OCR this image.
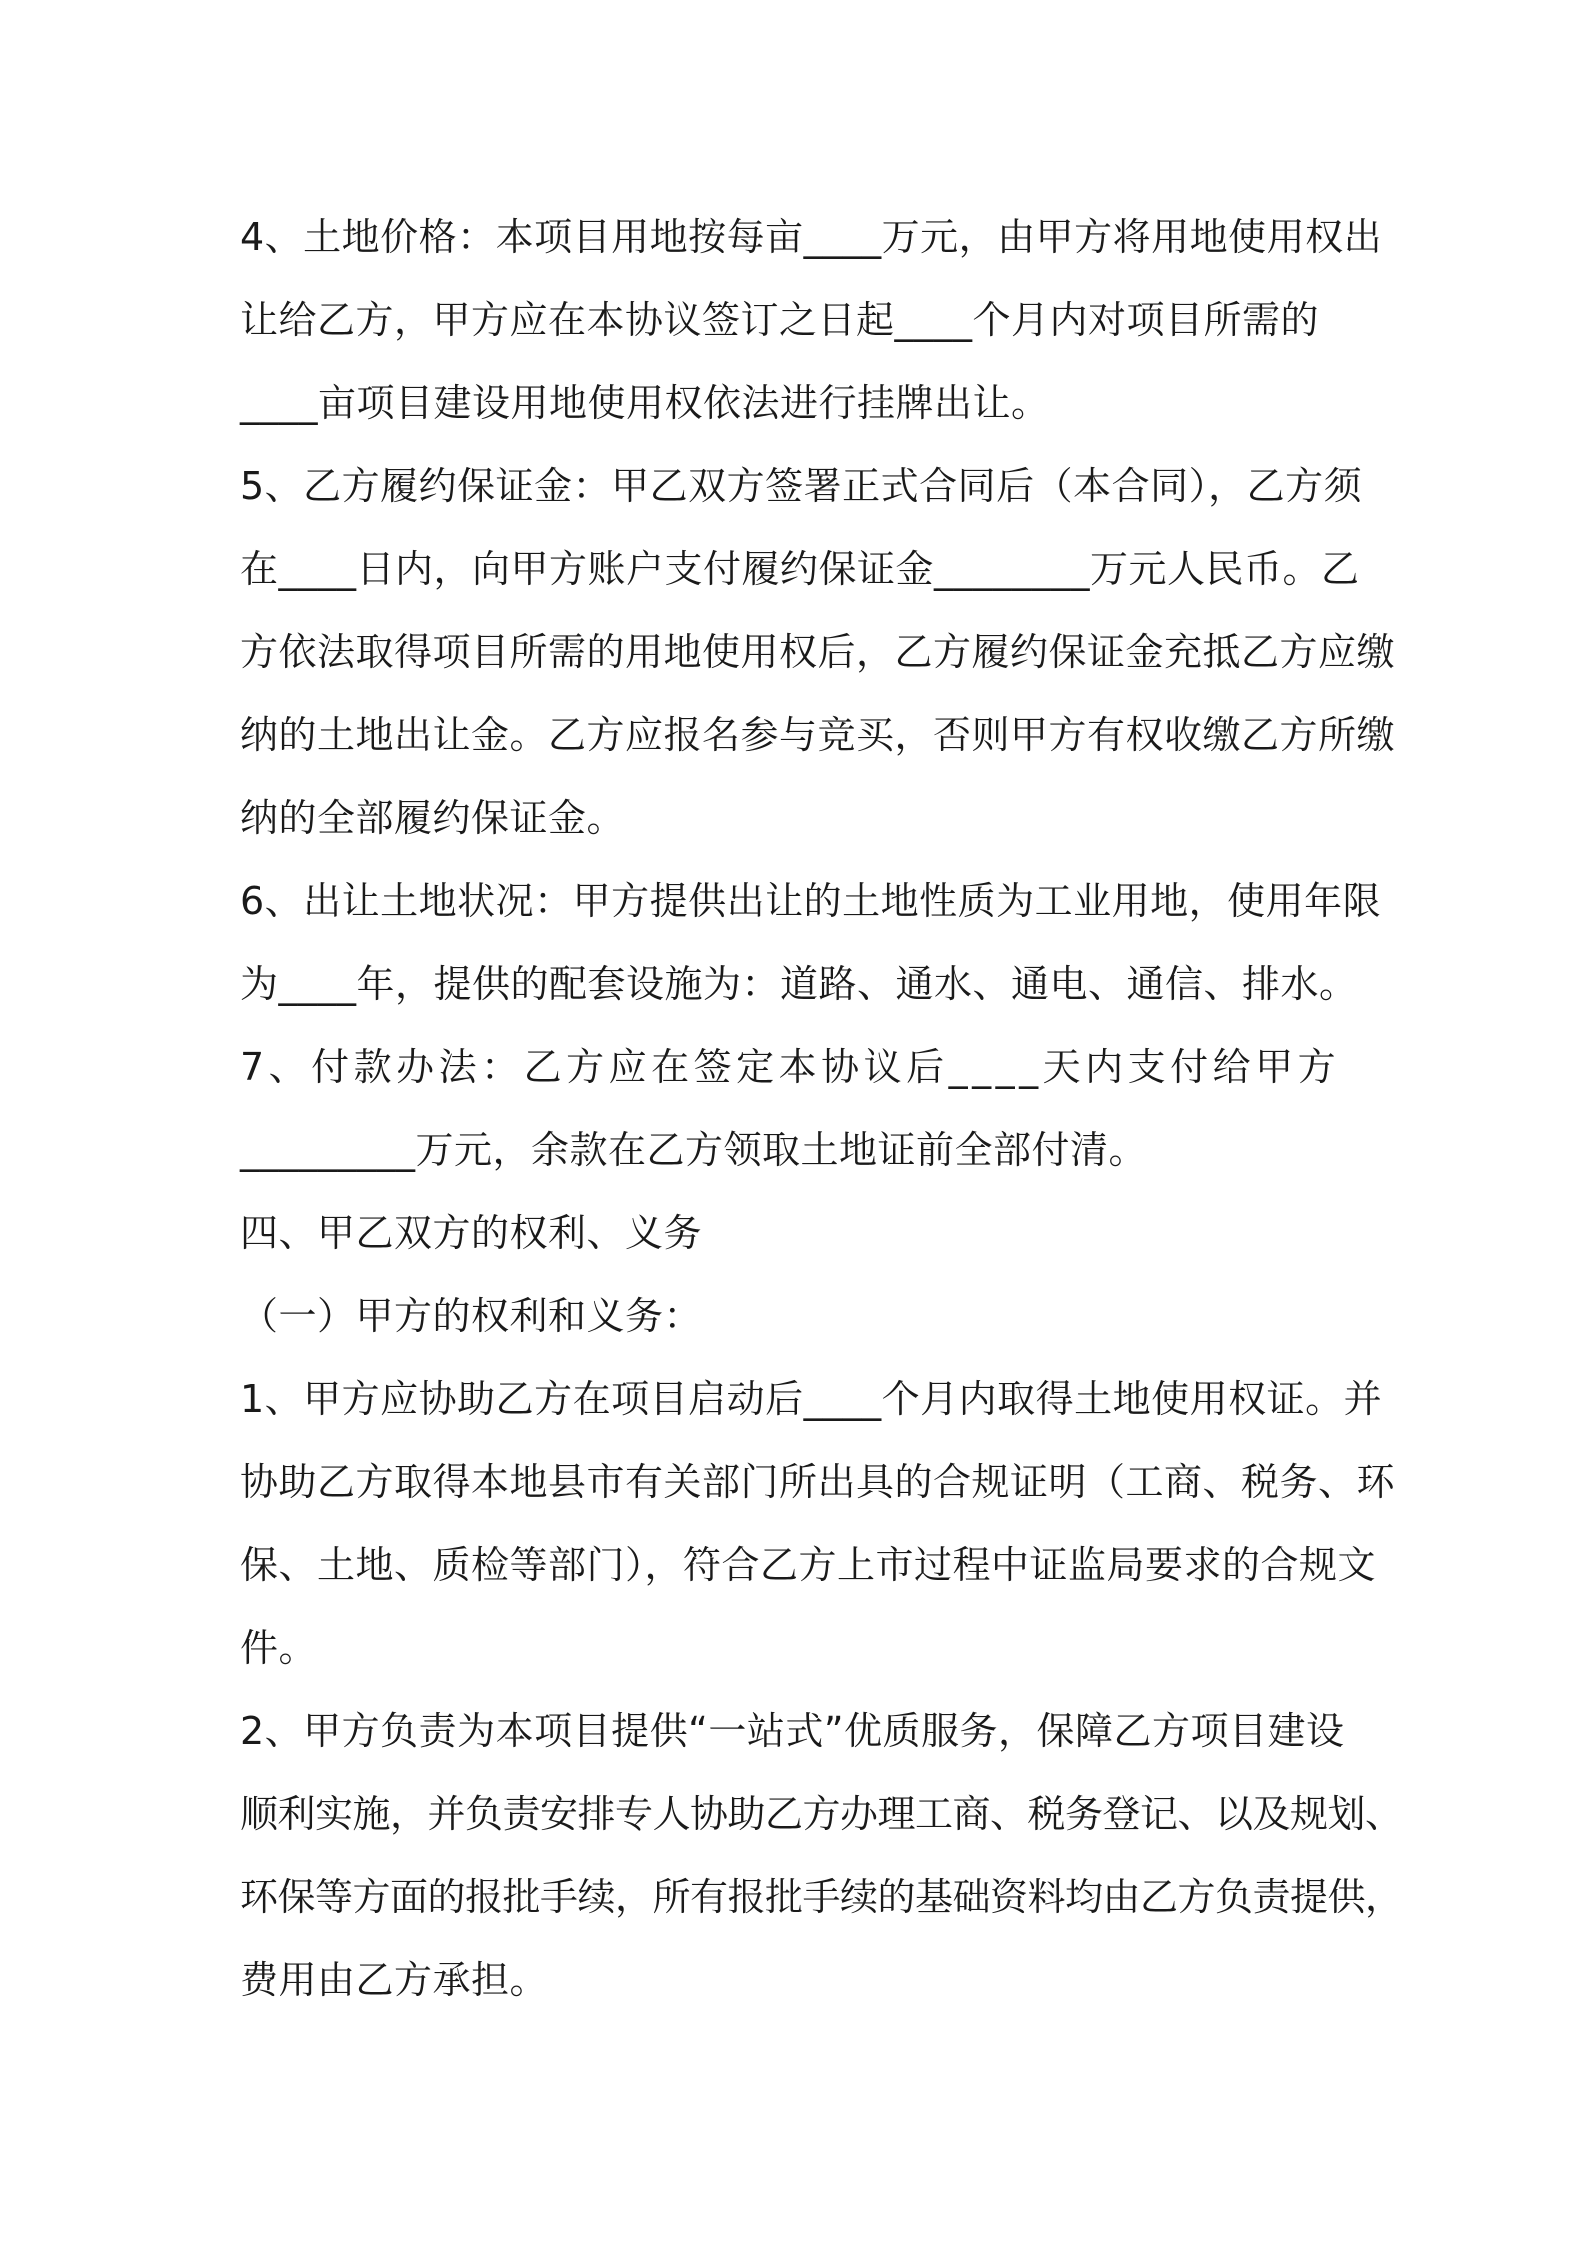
4、土地价格：本项目用地按每亩____万元，由甲方将用地使用权出
让给乙方，甲方应在本协议签订之日起____个月内对项目所需的
____亩项目建设用地使用权依法进行挂牌出让。
5、乙方履约保证金：甲乙双方签署正式合同后（本合同），乙方须
在____日内，向甲方账户支付履约保证金________万元人民币。乙
方依法取得项目所需的用地使用权后，乙方履约保证金充抵乙方应缴
纳的土地出让金。乙方应报名参与竞买，否则甲方有权收缴乙方所缴
纳的全部履约保证金。
6、出让土地状况：甲方提供出让的土地性质为工业用地，使用年限
为____年，提供的配套设施为：道路、通水、通电、通信、排水。
7、付款办法：乙方应在签定本协议后____天内支付给甲方
_________万元，余款在乙方领取土地证前全部付清。
四、甲乙双方的权利、义务
（一）甲方的权利和义务：
1、甲方应协助乙方在项目启动后____个月内取得土地使用权证。并
协助乙方取得本地县市有关部门所出具的合规证明（工商、税务、环
保、土地、质检等部门），符合乙方上市过程中证监局要求的合规文
件。
2、甲方负责为本项目提供“一站式”优质服务，保障乙方项目建设
顺利实施，并负责安排专人协助乙方办理工商、税务登记、以及规划、
环保等方面的报批手续，所有报批手续的基础资料均由乙方负责提供，
费用由乙方承担。
